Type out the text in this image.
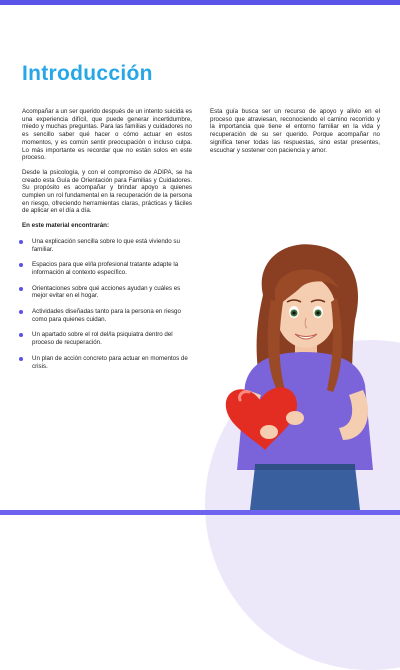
Introducción

Acompañar a un ser querido después de un intento suicida es una experiencia difícil, que puede generar incertidumbre, miedo y muchas preguntas. Para las familias y cuidadores no es sencillo saber qué hacer o cómo actuar en estos momentos, y es común sentir preocupación o incluso culpa. Lo más importante es recordar que no están solos en este proceso.

Desde la psicología, y con el compromiso de ADIPA, se ha creado esta Guía de Orientación para Familias y Cuidadores. Su propósito es acompañar y brindar apoyo a quienes cumplen un rol fundamental en la recuperación de la persona en riesgo, ofreciendo herramientas claras, prácticas y fáciles de aplicar en el día a día.

En este material encontrarán:

Una explicación sencilla sobre lo que está viviendo su familiar.
Espacios para que el/la profesional tratante adapte la información al contexto específico.
Orientaciones sobre qué acciones ayudan y cuáles es mejor evitar en el hogar.
Actividades diseñadas tanto para la persona en riesgo como para quienes cuidan.
Un apartado sobre el rol del/la psiquiatra dentro del proceso de recuperación.
Un plan de acción concreto para actuar en momentos de crisis.

Esta guía busca ser un recurso de apoyo y alivio en el proceso que atraviesan, reconociendo el camino recorrido y la importancia que tiene el entorno familiar en la vida y recuperación de su ser querido. Porque acompañar no significa tener todas las respuestas, sino estar presentes, escuchar y sostener con paciencia y amor.
